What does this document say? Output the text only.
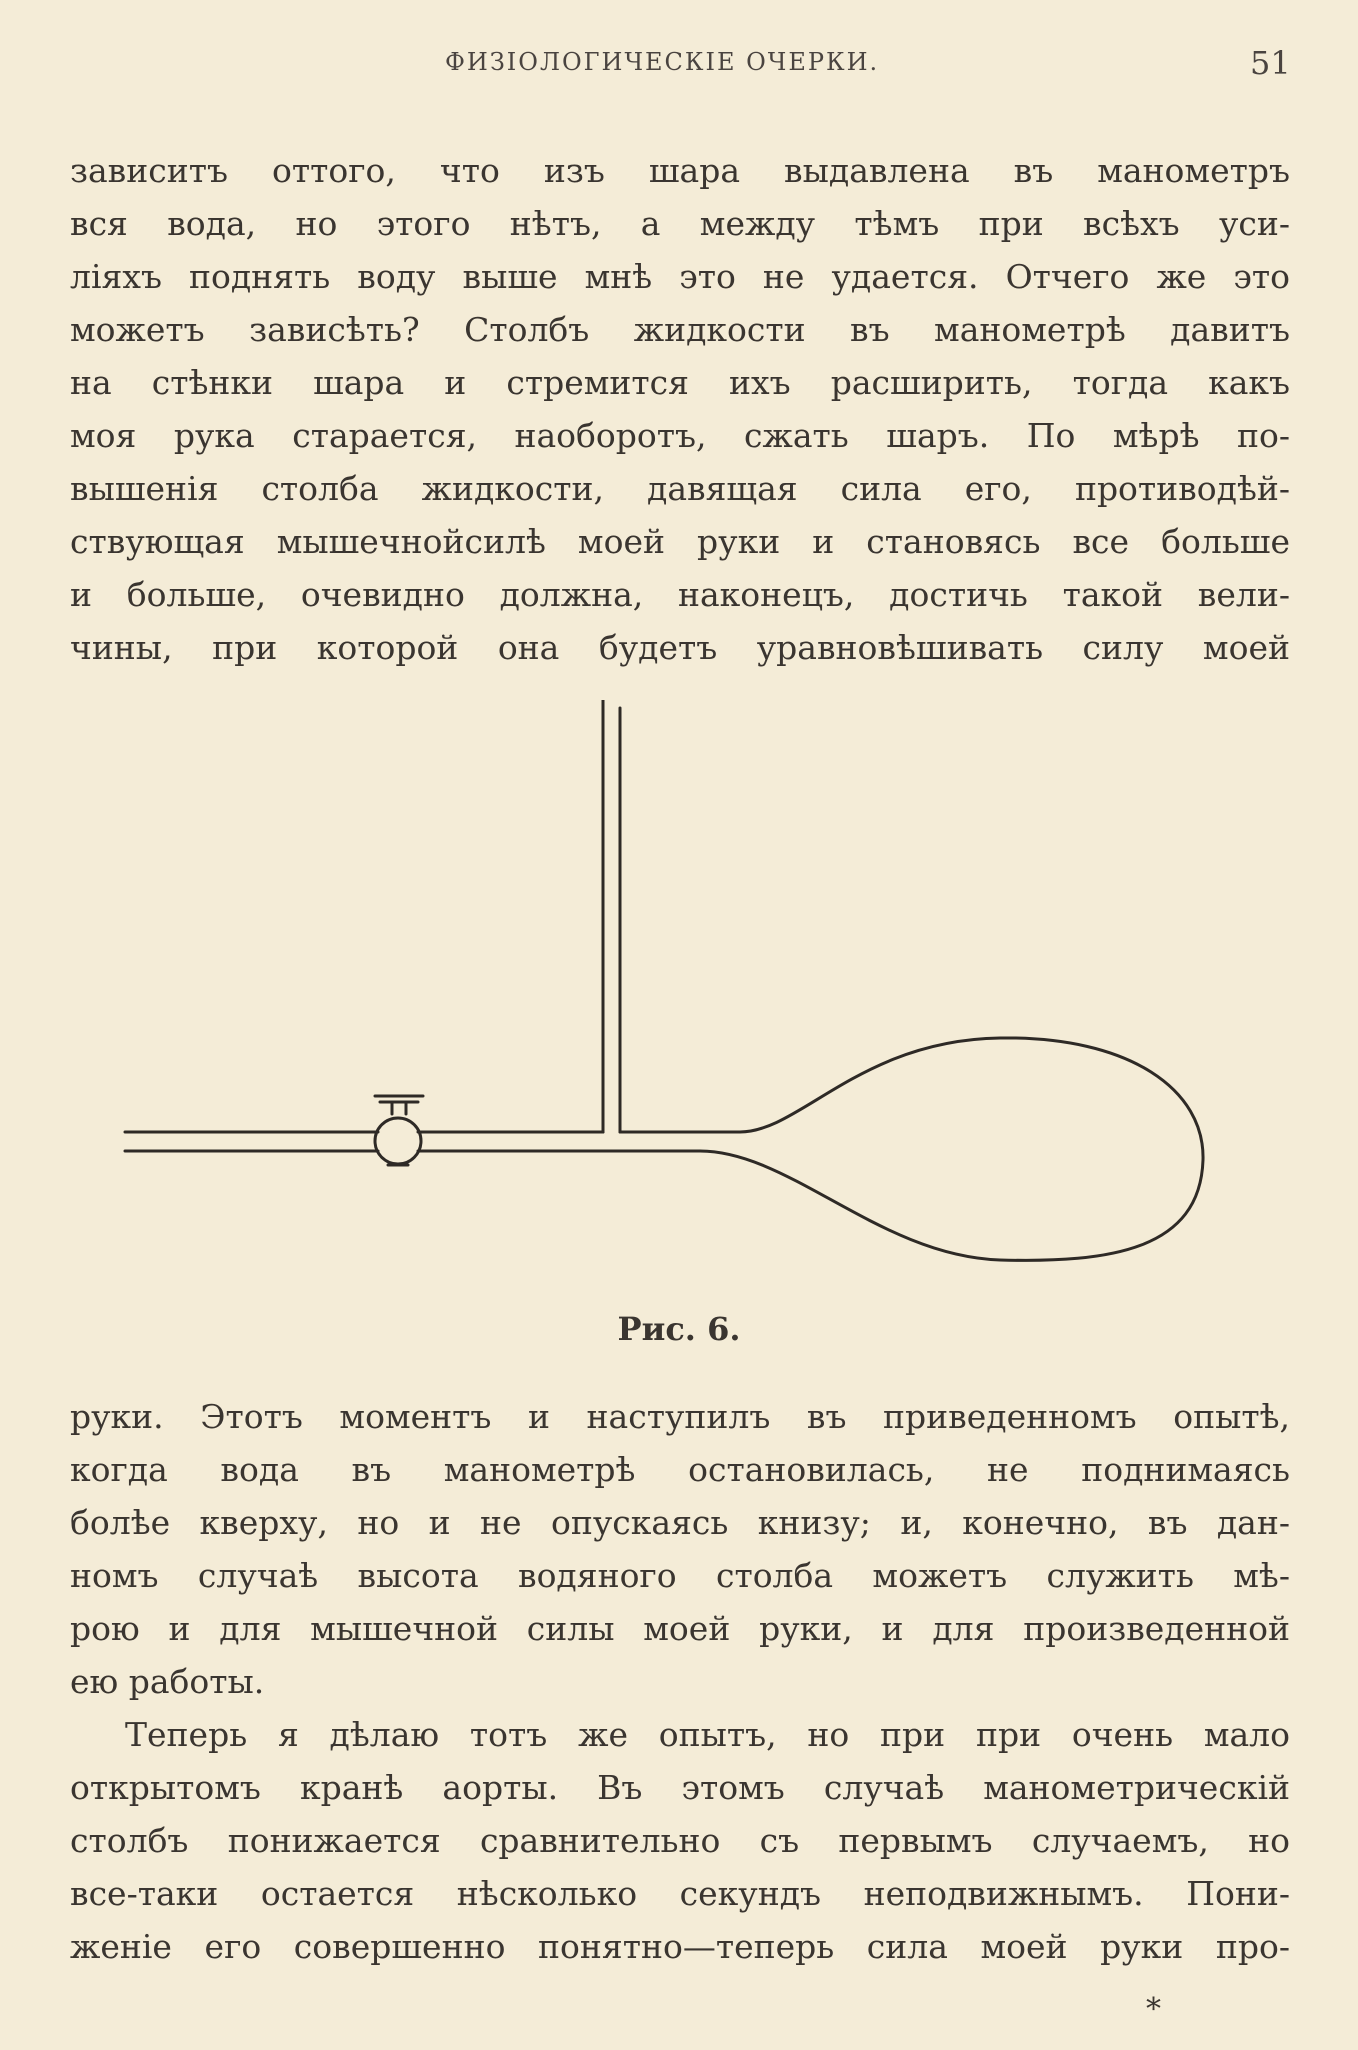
ФИЗIОЛОГИЧЕСКIЕ ОЧЕРКИ.	51
зависитъ оттого, что изъ шара выдавлена въ манометръ
вся вода, но этого нѣтъ, а между тѣмъ при всѣхъ уси-
лiяхъ поднять воду выше мнѣ это не удается. Отчего же это
можетъ зависѣть? Столбъ жидкости въ манометрѣ давитъ
на стѣнки шара и стремится ихъ расширить, тогда какъ
моя рука старается, наоборотъ, сжать шаръ. По мѣрѣ по-
вышенiя столба жидкости, давящая сила его, противодѣй-
ствующая мышечнойсилѣ моей руки и становясь все больше
и больше, очевидно должна, наконецъ, достичь такой вели-
чины, при которой она будетъ уравновѣшивать силу моей
Рис. 6.
руки. Этотъ моментъ и наступилъ въ приведенномъ опытѣ,
когда вода въ манометрѣ остановилась, не поднимаясь
болѣе кверху, но и не опускаясь книзу; и, конечно, въ дан-
номъ случаѣ высота водяного столба можетъ служить мѣ-
рою и для мышечной силы моей руки, и для произведенной
ею работы.
Теперь я дѣлаю тотъ же опытъ, но при при очень мало
открытомъ кранѣ аорты. Въ этомъ случаѣ манометрическiй
столбъ понижается сравнительно съ первымъ случаемъ, но
все-таки остается нѣсколько секундъ неподвижнымъ. Пони-
женiе его совершенно понятно—теперь сила моей руки про-
*
